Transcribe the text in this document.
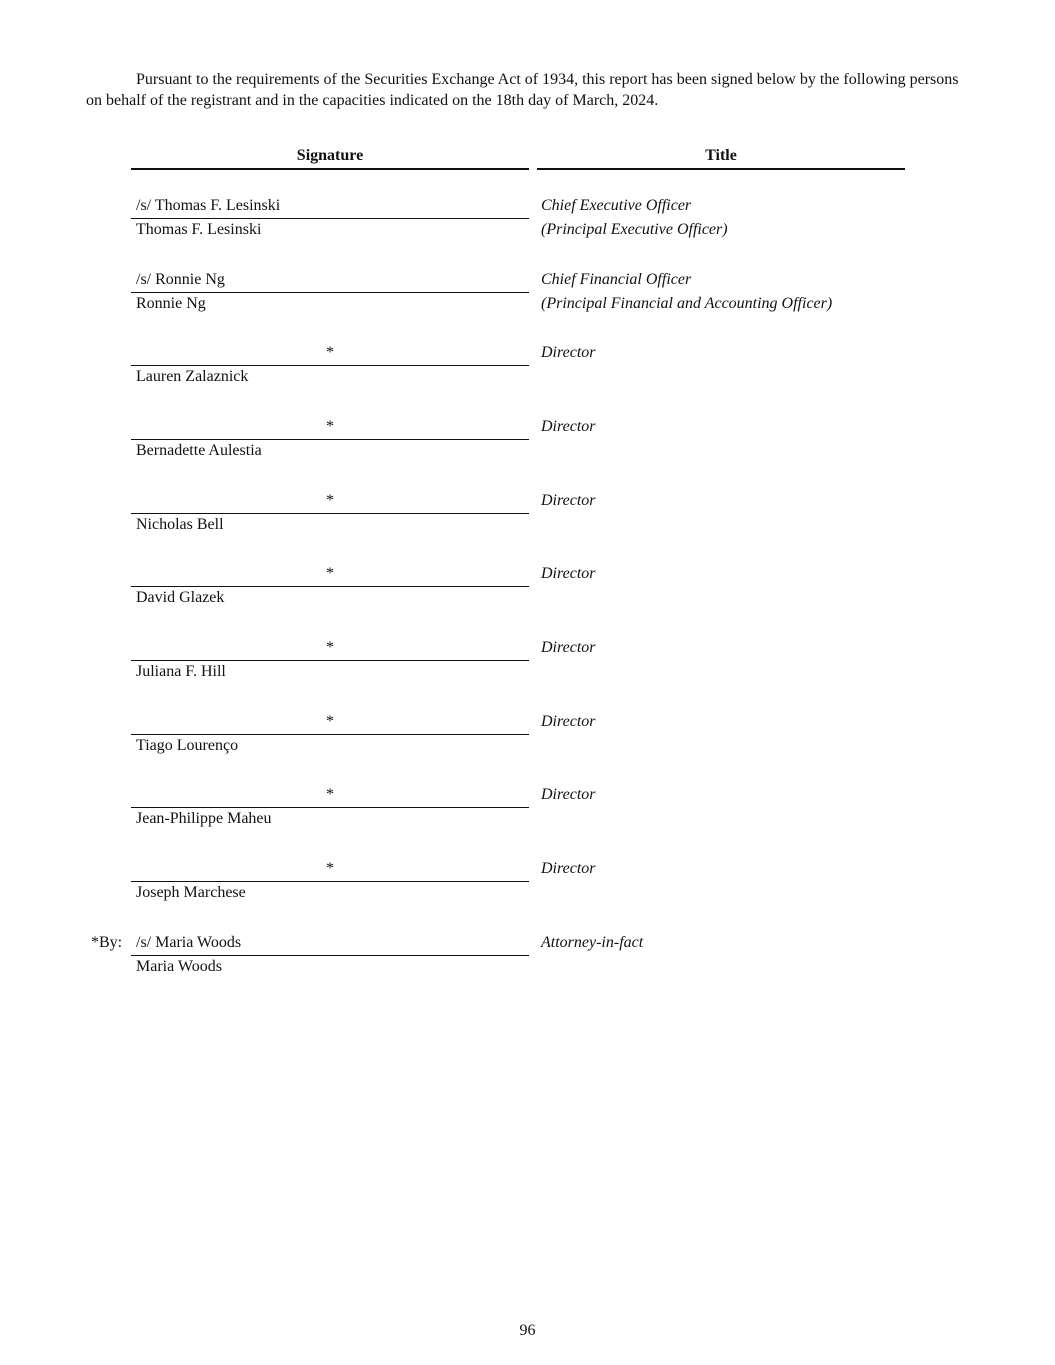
Pursuant to the requirements of the Securities Exchange Act of 1934, this report has been signed below by the following persons on behalf of the registrant and in the capacities indicated on the 18th day of March, 2024.

Signature	Title
/s/ Thomas F. Lesinski
Thomas F. Lesinski
Chief Executive Officer
(Principal Executive Officer)
/s/ Ronnie Ng
Ronnie Ng
Chief Financial Officer
(Principal Financial and Accounting Officer)
*
Lauren Zalaznick
Director
*
Bernadette Aulestia
Director
*
Nicholas Bell
Director
*
David Glazek
Director
*
Juliana F. Hill
Director
*
Tiago Lourenço
Director
*
Jean-Philippe Maheu
Director
*
Joseph Marchese
Director
*By: /s/ Maria Woods
Maria Woods
Attorney-in-fact
96
